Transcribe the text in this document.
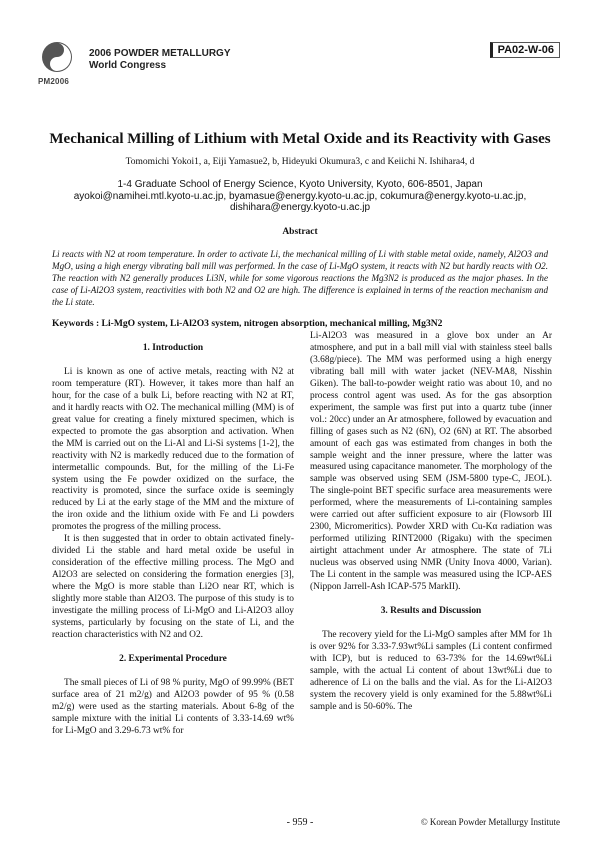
PM2006
2006 POWDER METALLURGY
World Congress
PA02-W-06
Mechanical Milling of Lithium with Metal Oxide and its Reactivity with Gases
Tomomichi Yokoi1, a, Eiji Yamasue2, b, Hideyuki Okumura3, c and Keiichi N. Ishihara4, d
1-4 Graduate School of Energy Science, Kyoto University, Kyoto, 606-8501, Japan
ayokoi@namihei.mtl.kyoto-u.ac.jp, byamasue@energy.kyoto-u.ac.jp, cokumura@energy.kyoto-u.ac.jp,
dishihara@energy.kyoto-u.ac.jp
Abstract
Li reacts with N2 at room temperature. In order to activate Li, the mechanical milling of Li with stable metal oxide, namely, Al2O3 and MgO, using a high energy vibrating ball mill was performed. In the case of Li-MgO system, it reacts with N2 but hardly reacts with O2. The reaction with N2 generally produces Li3N, while for some vigorous reactions the Mg3N2 is produced as the major phases. In the case of Li-Al2O3 system, reactivities with both N2 and O2 are high. The difference is explained in terms of the reaction mechanism and the Li state.
Keywords : Li-MgO system, Li-Al2O3 system, nitrogen absorption, mechanical milling, Mg3N2
1. Introduction

Li is known as one of active metals, reacting with N2 at room temperature (RT). However, it takes more than half an hour, for the case of a bulk Li, before reacting with N2 at RT, and it hardly reacts with O2. The mechanical milling (MM) is of great value for creating a finely mixtured specimen, which is expected to promote the gas absorption and activation. When the MM is carried out on the Li-Al and Li-Si systems [1-2], the reactivity with N2 is markedly reduced due to the formation of intermetallic compounds. But, for the milling of the Li-Fe system using the Fe powder oxidized on the surface, the reactivity is promoted, since the surface oxide is seemingly reduced by Li at the early stage of the MM and the mixture of the iron oxide and the lithium oxide with Fe and Li powders promotes the progress of the milling process.

It is then suggested that in order to obtain activated finely-divided Li the stable and hard metal oxide be useful in consideration of the effective milling process. The MgO and Al2O3 are selected on considering the formation energies [3], where the MgO is more stable than Li2O near RT, which is slightly more stable than Al2O3. The purpose of this study is to investigate the milling process of Li-MgO and Li-Al2O3 alloy systems, particularly by focusing on the state of Li, and the reaction characteristics with N2 and O2.

2. Experimental Procedure

The small pieces of Li of 98 % purity, MgO of 99.99% (BET surface area of 21 m2/g) and Al2O3 powder of 95 % (0.58 m2/g) were used as the starting materials. About 6-8g of the sample mixture with the initial Li contents of 3.33-14.69 wt% for Li-MgO and 3.29-6.73 wt% for

Li-Al2O3 was measured in a glove box under an Ar atmosphere, and put in a ball mill vial with stainless steel balls (3.68g/piece). The MM was performed using a high energy vibrating ball mill with water jacket (NEV-MA8, Nisshin Giken). The ball-to-powder weight ratio was about 10, and no process control agent was used. As for the gas absorption experiment, the sample was first put into a quartz tube (inner vol.: 20cc) under an Ar atmosphere, followed by evacuation and filling of gases such as N2 (6N), O2 (6N) at RT. The absorbed amount of each gas was estimated from changes in both the sample weight and the inner pressure, where the latter was measured using capacitance manometer. The morphology of the sample was observed using SEM (JSM-5800 type-C, JEOL). The single-point BET specific surface area measurements were performed, where the measurements of Li-containing samples were carried out after sufficient exposure to air (Flowsorb III 2300, Micromeritics). Powder XRD with Cu-Kα radiation was performed utilizing RINT2000 (Rigaku) with the specimen airtight attachment under Ar atmosphere. The state of 7Li nucleus was observed using NMR (Unity Inova 4000, Varian). The Li content in the sample was measured using the ICP-AES (Nippon Jarrell-Ash ICAP-575 MarkII).

3. Results and Discussion

The recovery yield for the Li-MgO samples after MM for 1h is over 92% for 3.33-7.93wt%Li samples (Li content confirmed with ICP), but is reduced to 63-73% for the 14.69wt%Li sample, with the actual Li content of about 13wt%Li due to adherence of Li on the balls and the vial. As for the Li-Al2O3 system the recovery yield is only examined for the 5.88wt%Li sample and is 50-60%. The

- 959 -	© Korean Powder Metallurgy Institute
